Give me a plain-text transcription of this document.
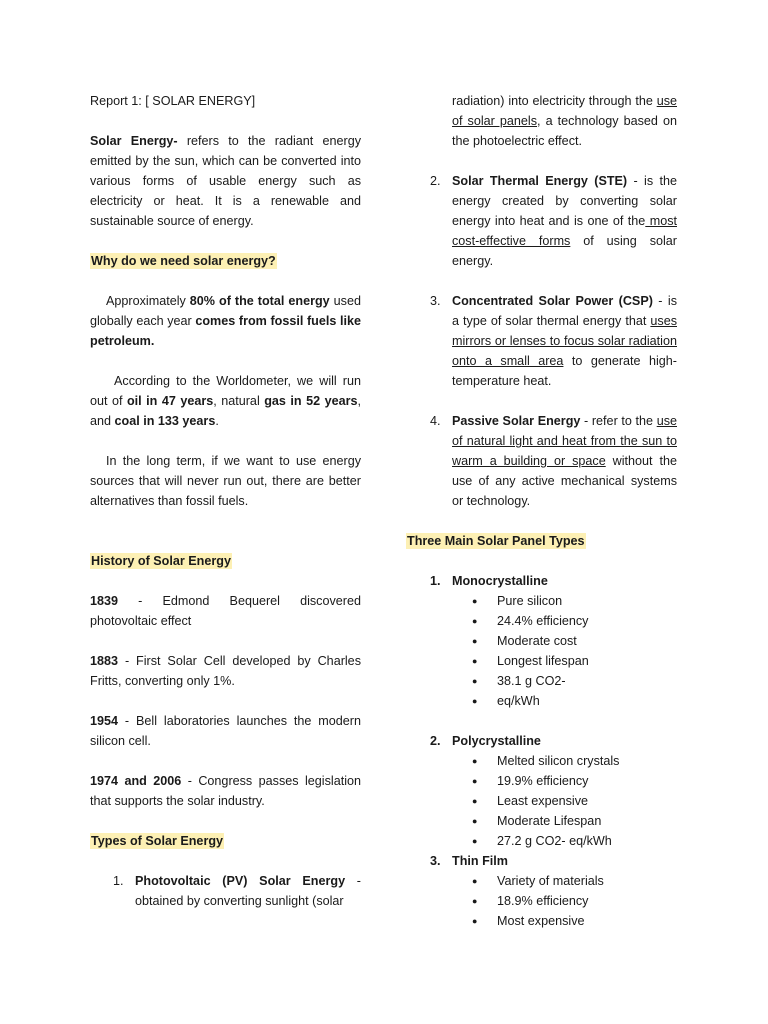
Report 1: [ SOLAR ENERGY]

Solar Energy- refers to the radiant energy emitted by the sun, which can be converted into various forms of usable energy such as electricity or heat. It is a renewable and sustainable source of energy.

Why do we need solar energy?

Approximately 80% of the total energy used globally each year comes from fossil fuels like petroleum.

According to the Worldometer, we will run out of oil in 47 years, natural gas in 52 years, and coal in 133 years.

In the long term, if we want to use energy sources that will never run out, there are better alternatives than fossil fuels.

History of Solar Energy

1839 - Edmond Bequerel discovered photovoltaic effect

1883 - First Solar Cell developed by Charles Fritts, converting only 1%.

1954 - Bell laboratories launches the modern silicon cell.

1974 and 2006 - Congress passes legislation that supports the solar industry.

Types of Solar Energy

1. Photovoltaic (PV) Solar Energy - obtained by converting sunlight (solar

radiation) into electricity through the use of solar panels, a technology based on the photoelectric effect.

2. Solar Thermal Energy (STE) - is the energy created by converting solar energy into heat and is one of the most cost-effective forms of using solar energy.

3. Concentrated Solar Power (CSP) - is a type of solar thermal energy that uses mirrors or lenses to focus solar radiation onto a small area to generate high-temperature heat.

4. Passive Solar Energy - refer to the use of natural light and heat from the sun to warm a building or space without the use of any active mechanical systems or technology.

Three Main Solar Panel Types

1. Monocrystalline

● Pure silicon
● 24.4% efficiency
● Moderate cost
● Longest lifespan
● 38.1 g CO2-
● eq/kWh
2. Polycrystalline

● Melted silicon crystals
● 19.9% efficiency
● Least expensive
● Moderate Lifespan
● 27.2 g CO2- eq/kWh
3. Thin Film

● Variety of materials
● 18.9% efficiency
● Most expensive
